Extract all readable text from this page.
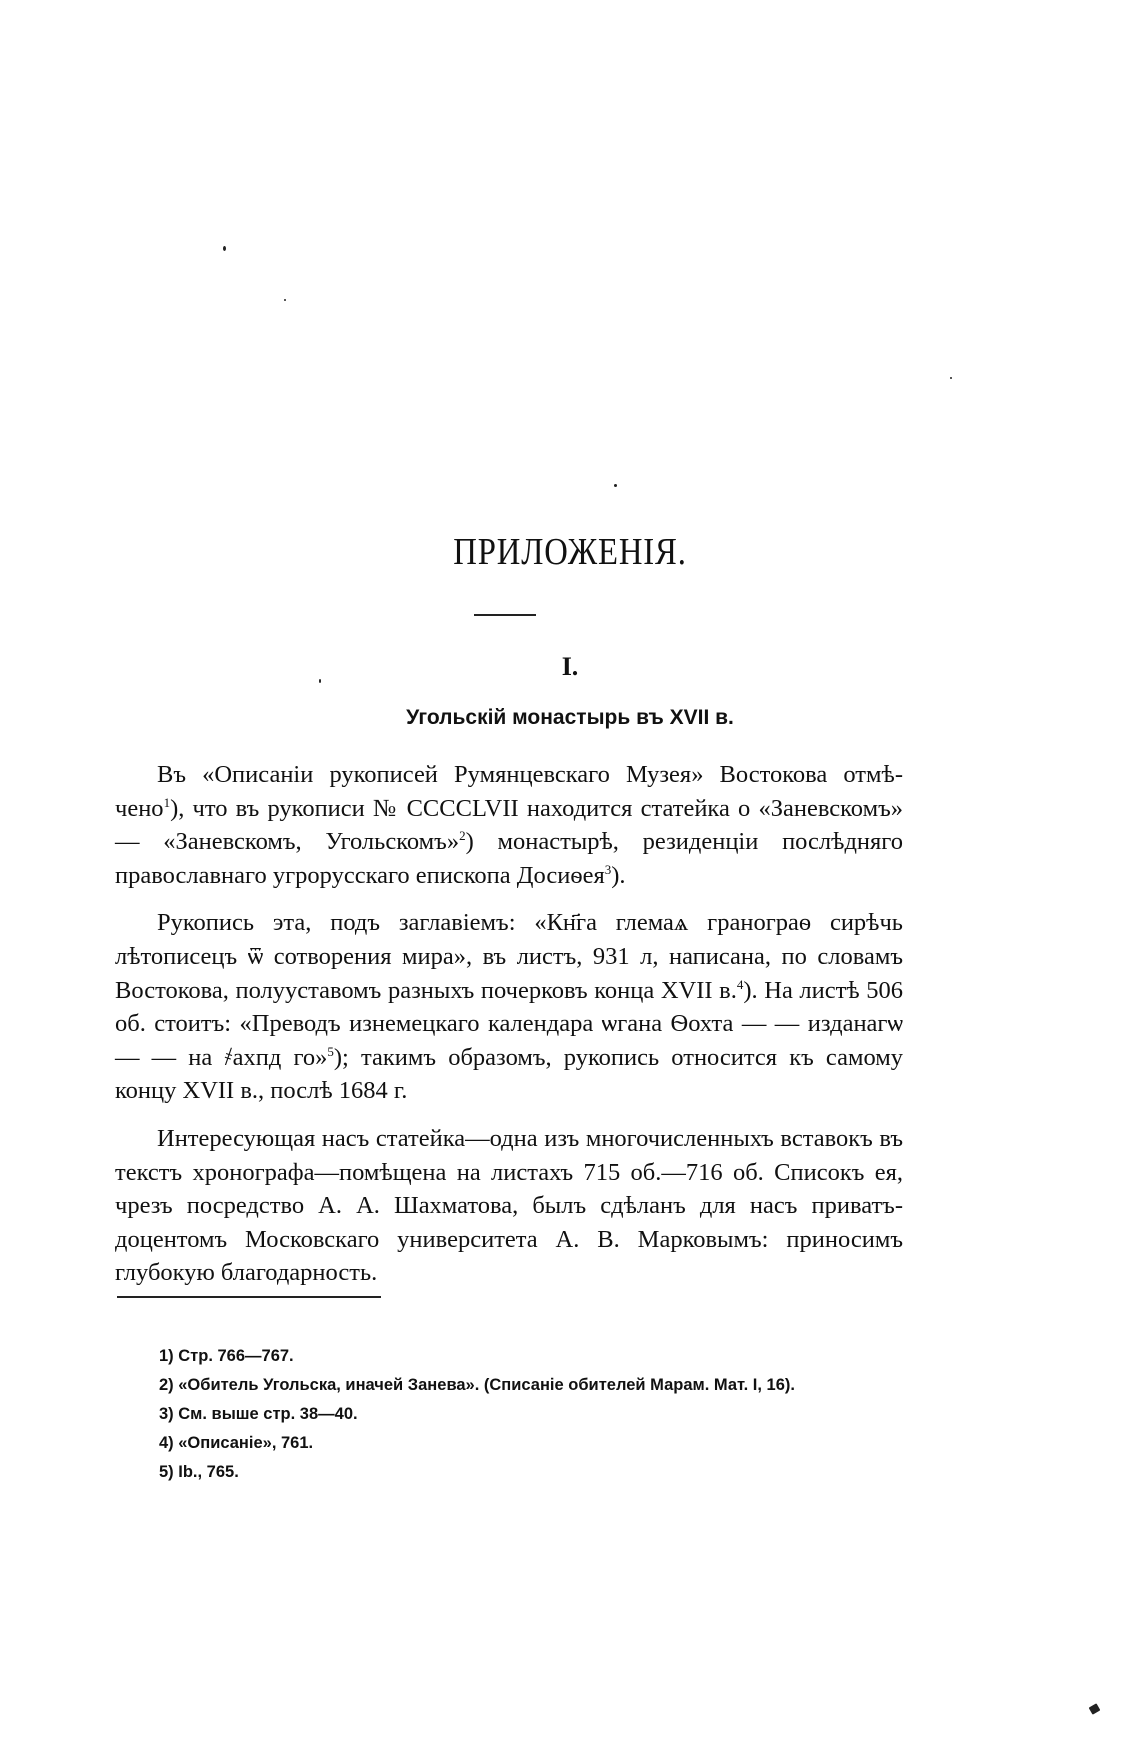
ПРИЛОЖЕНІЯ.
I.
Угольскій монастырь въ XVII в.

Въ «Описаніи рукописей Румянцевскаго Музея» Востокова отмѣчено$^1$), что въ рукописи № CCCCLVII находится статейка о «Заневскомъ» — «Заневскомъ, Угольскомъ»$^2$) монастырѣ, резиденціи послѣдняго православнаго угрорусскаго епископа Досиѳея$^3$).

Рукопись эта, подъ заглавіемъ: «Кн҃га глемаѧ гранограѳ сирѣчь лѣтописецъ ѿ сотворения мира», въ листъ, 931 л, написана, по словамъ Востокова, полууставомъ разныхъ почерковъ конца XVII в.$^4$). На листѣ 506 об. стоитъ: «Преводъ изнемецкаго календара ѡгана Ѳохта — — изданагѡ — — на ҂ахпд го»$^5$); такимъ образомъ, рукопись относится къ самому концу XVII в., послѣ 1684 г.

Интересующая насъ статейка—одна изъ многочисленныхъ вставокъ въ текстъ хронографа—помѣщена на листахъ 715 об.—716 об. Списокъ ея, чрезъ посредство А. А. Шахматова, былъ сдѣланъ для насъ приватъ-доцентомъ Московскаго университета А. В. Марковымъ: приносимъ глубокую благодарность.

1) Стр. 766—767.

2) «Обитель Угольска, иначей Занева». (Списаніе обителей Марам. Мат. I, 16).

3) См. выше стр. 38—40.

4) «Описаніе», 761.

5) Ib., 765.
